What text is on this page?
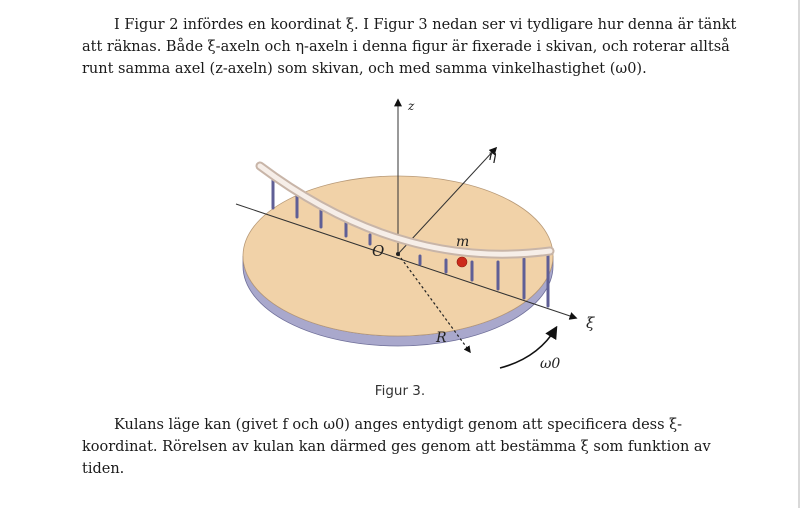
I Figur 2 infördes en koordinat ξ. I Figur 3 nedan ser vi tydligare hur denna är tänkt
att räknas. Både ξ-axeln och η-axeln i denna figur är fixerade i skivan, och roterar alltså
runt samma axel (z-axeln) som skivan, och med samma vinkelhastighet (ω0).

z
η
ξ
O	m
R
ω0
Figur 3.

Kulans läge kan (givet f och ω0) anges entydigt genom att specificera dess ξ-
koordinat. Rörelsen av kulan kan därmed ges genom att bestämma ξ som funktion av
tiden.
